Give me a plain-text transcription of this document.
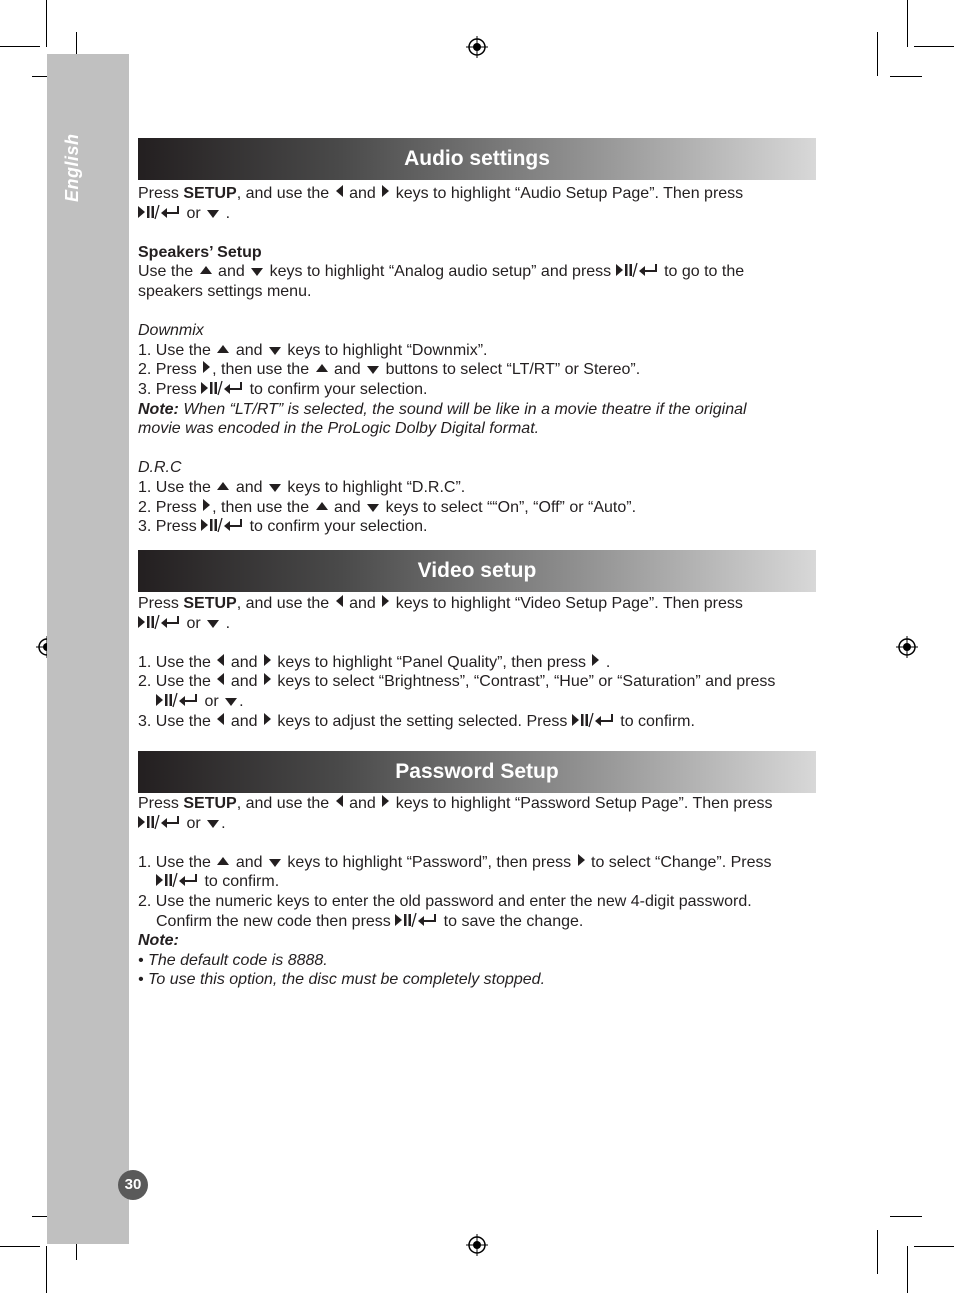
English
30
Audio settings

Press SETUP, and use the  and  keys to highlight “Audio Setup Page”. Then press

or  .

Speakers’ Setup

Use the  and  keys to highlight “Analog audio setup” and press	to go to the

speakers settings menu.

Downmix

1. Use the  and  keys to highlight “Downmix”.

2. Press , then use the  and  buttons to select “LT/RT” or Stereo”.

3. Press	to confirm your selection.

Note: When “LT/RT” is selected, the sound will be like in a movie theatre if the original

movie was encoded in the ProLogic Dolby Digital format.

D.R.C

1. Use the  and  keys to highlight “D.R.C”.

2. Press , then use the  and  keys to select ““On”, “Off” or “Auto”.

3. Press	to confirm your selection.

Video setup

Press SETUP, and use the  and  keys to highlight “Video Setup Page”. Then press

or  .

1. Use the  and  keys to highlight “Panel Quality”, then press  .

2. Use the  and  keys to select “Brightness”, “Contrast”, “Hue” or “Saturation” and press

or .

3. Use the  and  keys to adjust the setting selected. Press	to confirm.

Password Setup

Press SETUP, and use the  and  keys to highlight “Password Setup Page”. Then press

or .

1. Use the  and  keys to highlight “Password”, then press  to select “Change”. Press

to confirm.

2. Use the numeric keys to enter the old password and enter the new 4-digit password.

Confirm the new code then press	to save the change.

Note:

• The default code is 8888.

• To use this option, the disc must be completely stopped.
